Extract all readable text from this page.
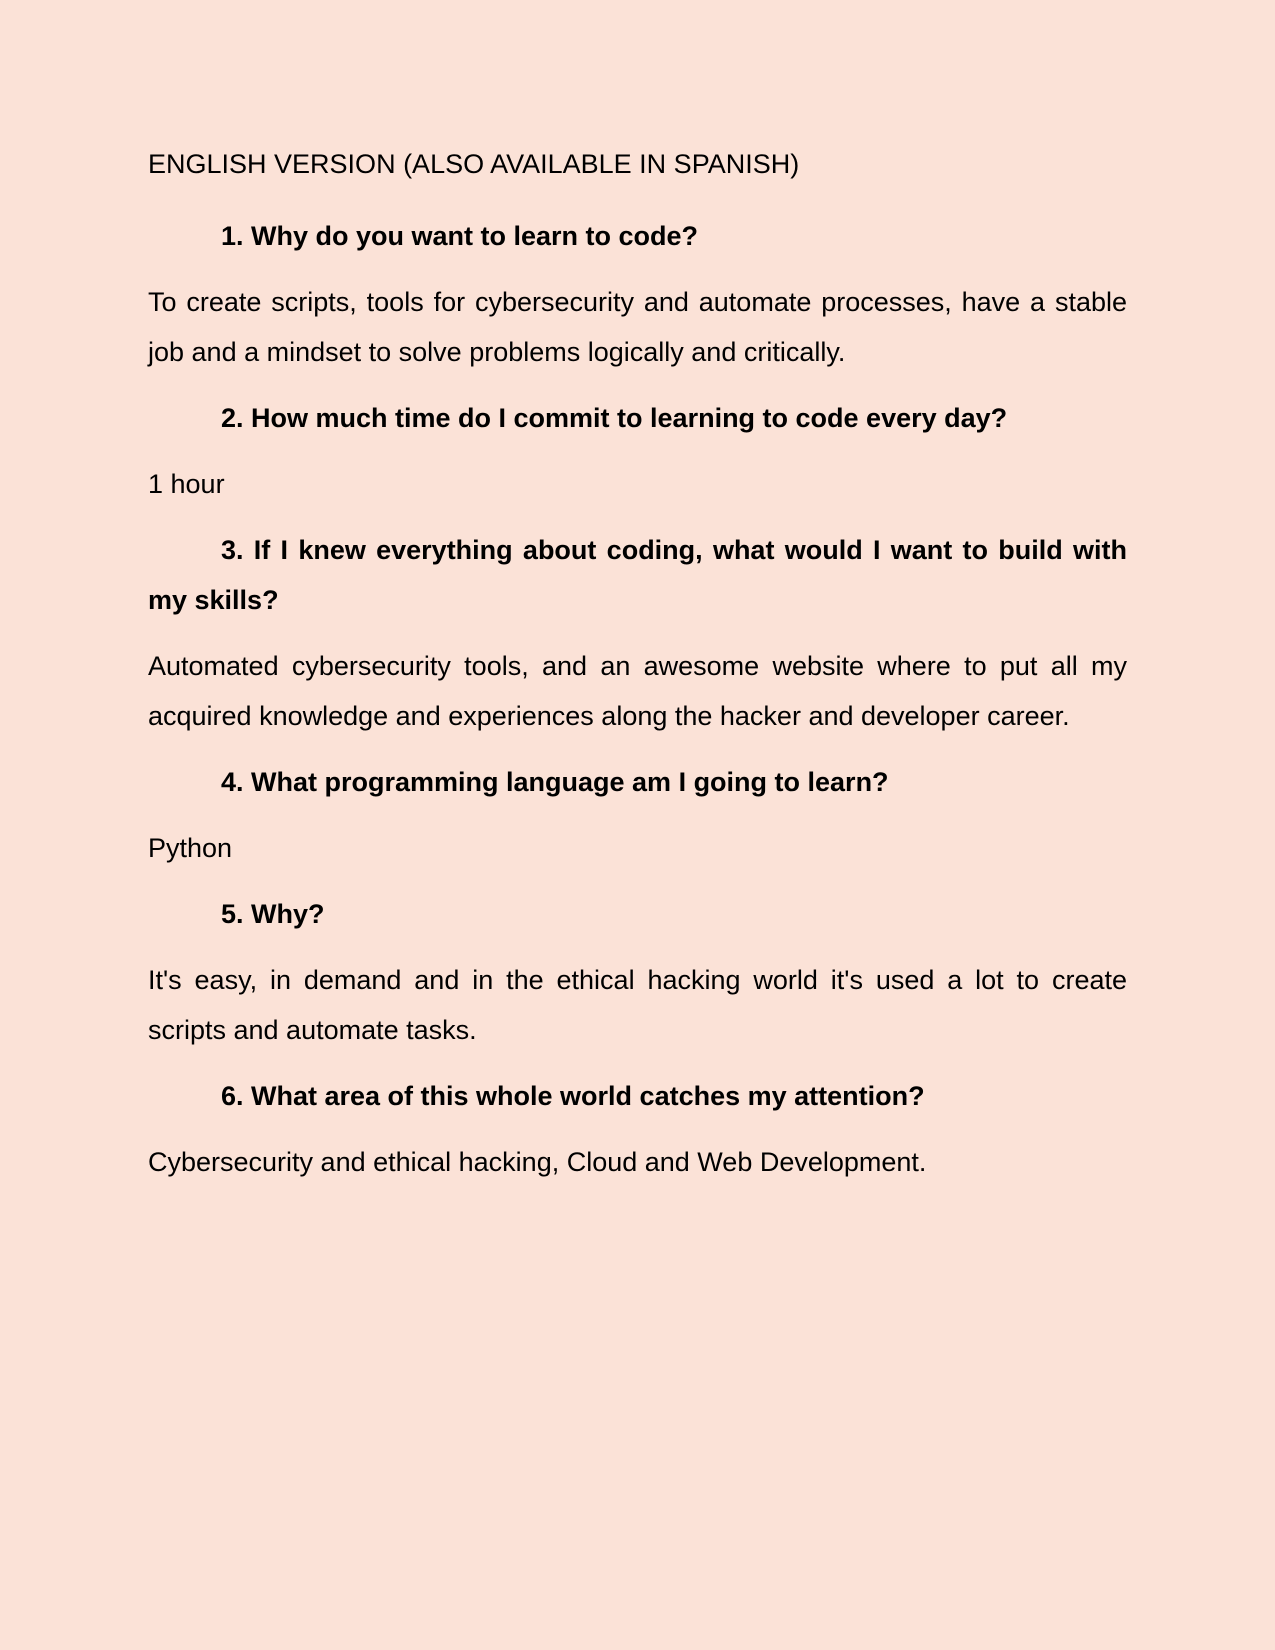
ENGLISH VERSION (ALSO AVAILABLE IN SPANISH)

1. Why do you want to learn to code?

To create scripts, tools for cybersecurity and automate processes, have a stable job and a mindset to solve problems logically and critically.

2. How much time do I commit to learning to code every day?

1 hour

3. If I knew everything about coding, what would I want to build with my skills?

Automated cybersecurity tools, and an awesome website where to put all my acquired knowledge and experiences along the hacker and developer career.

4. What programming language am I going to learn?

Python

5. Why?

It's easy, in demand and in the ethical hacking world it's used a lot to create scripts and automate tasks.

6. What area of this whole world catches my attention?

Cybersecurity and ethical hacking, Cloud and Web Development.
